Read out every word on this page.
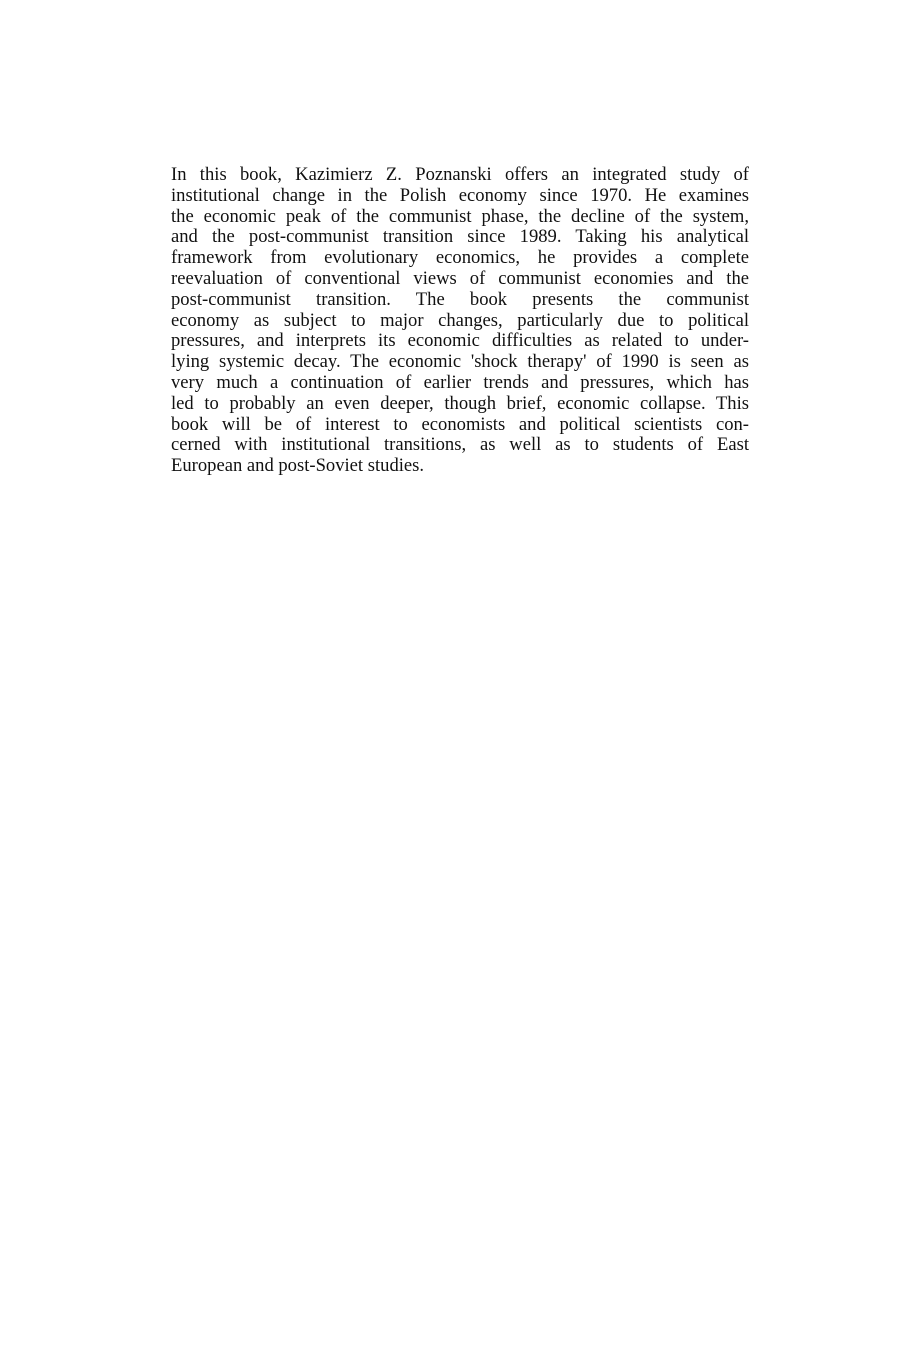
In this book, Kazimierz Z. Poznanski offers an integrated study of
institutional change in the Polish economy since 1970. He examines
the economic peak of the communist phase, the decline of the system,
and the post-communist transition since 1989. Taking his analytical
framework from evolutionary economics, he provides a complete
reevaluation of conventional views of communist economies and the
post-communist transition. The book presents the communist
economy as subject to major changes, particularly due to political
pressures, and interprets its economic difficulties as related to under-
lying systemic decay. The economic 'shock therapy' of 1990 is seen as
very much a continuation of earlier trends and pressures, which has
led to probably an even deeper, though brief, economic collapse. This
book will be of interest to economists and political scientists con-
cerned with institutional transitions, as well as to students of East
European and post-Soviet studies.
